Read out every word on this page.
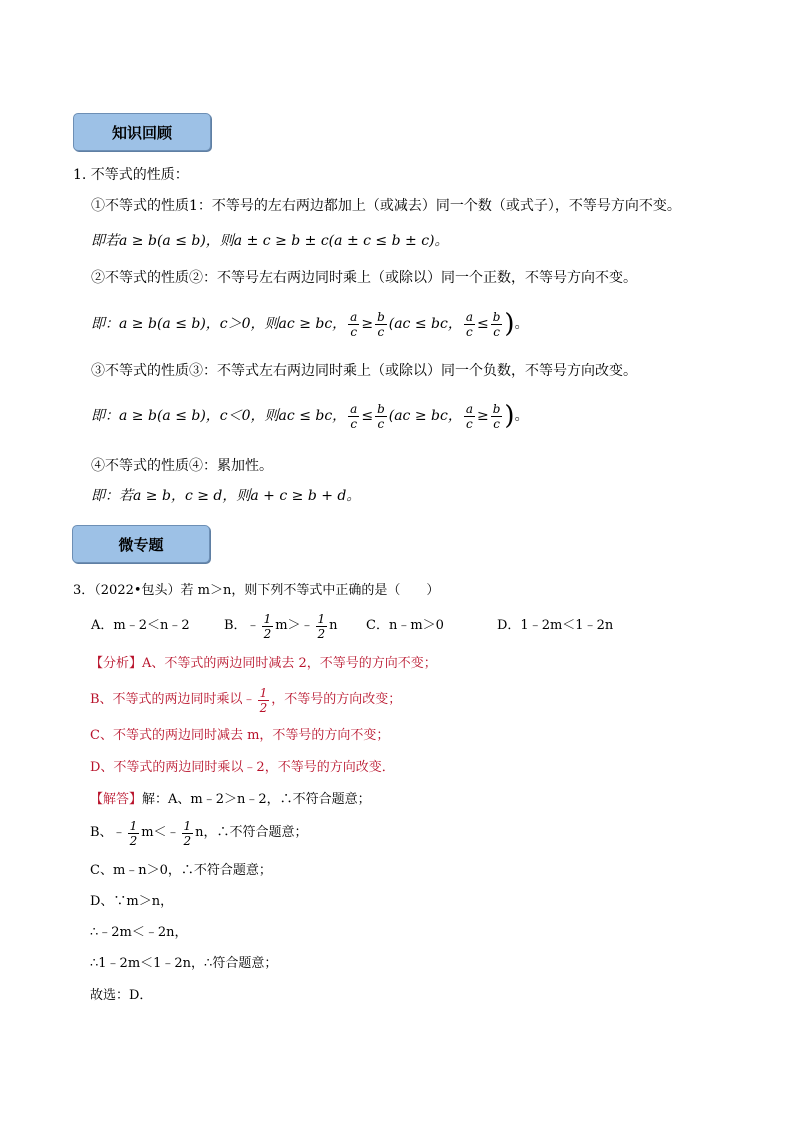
知识回顾
微专题
1. 不等式的性质：
①不等式的性质1：不等号的左右两边都加上（或减去）同一个数（或式子），不等号方向不变。
即若a ≥ b(a ≤ b)，则a ± c ≥ b ± c(a ± c ≤ b ± c)。
②不等式的性质②：不等号左右两边同时乘上（或除以）同一个正数，不等号方向不变。
即：a ≥ b(a ≤ b)，c＞0，则ac ≥ bc， $\frac{a}{c} \ge \frac{b}{c} (ac$ ≤ bc， $\frac{a}{c} \le \frac{b}{c}$ ) 。
③不等式的性质③：不等式左右两边同时乘上（或除以）同一个负数，不等号方向改变。
即：a ≥ b(a ≤ b)，c＜0，则ac ≤ bc， $\frac{a}{c} \le \frac{b}{c} (ac$ ≥ bc， $\frac{a}{c} \ge \frac{b}{c}$ ) 。
④不等式的性质④：累加性。
即：若a ≥ b，c ≥ d，则a + c ≥ b + d。
3．（2022•包头）若 m＞n，则下列不等式中正确的是（　　）
A．m﹣2＜n﹣2	B．﹣ $\frac{1}{2}$ m＞﹣ $\frac{1}{2}$ n C．n﹣m＞0	D．1﹣2m＜1﹣2n
【分析】A、不等式的两边同时减去 2，不等号的方向不变；
B、不等式的两边同时乘以﹣ $\frac{1}{2}$ ，不等号的方向改变；
C、不等式的两边同时减去 m，不等号的方向不变；
D、不等式的两边同时乘以﹣2，不等号的方向改变．
【解答】解：A、m﹣2＞n﹣2，∴不符合题意；
B、﹣ $\frac{1}{2}$ m＜﹣ $\frac{1}{2}$ n，∴不符合题意；
C、m﹣n＞0，∴不符合题意；
D、∵m＞n，
∴﹣2m＜﹣2n，
∴1﹣2m＜1﹣2n，∴符合题意；
故选：D．
